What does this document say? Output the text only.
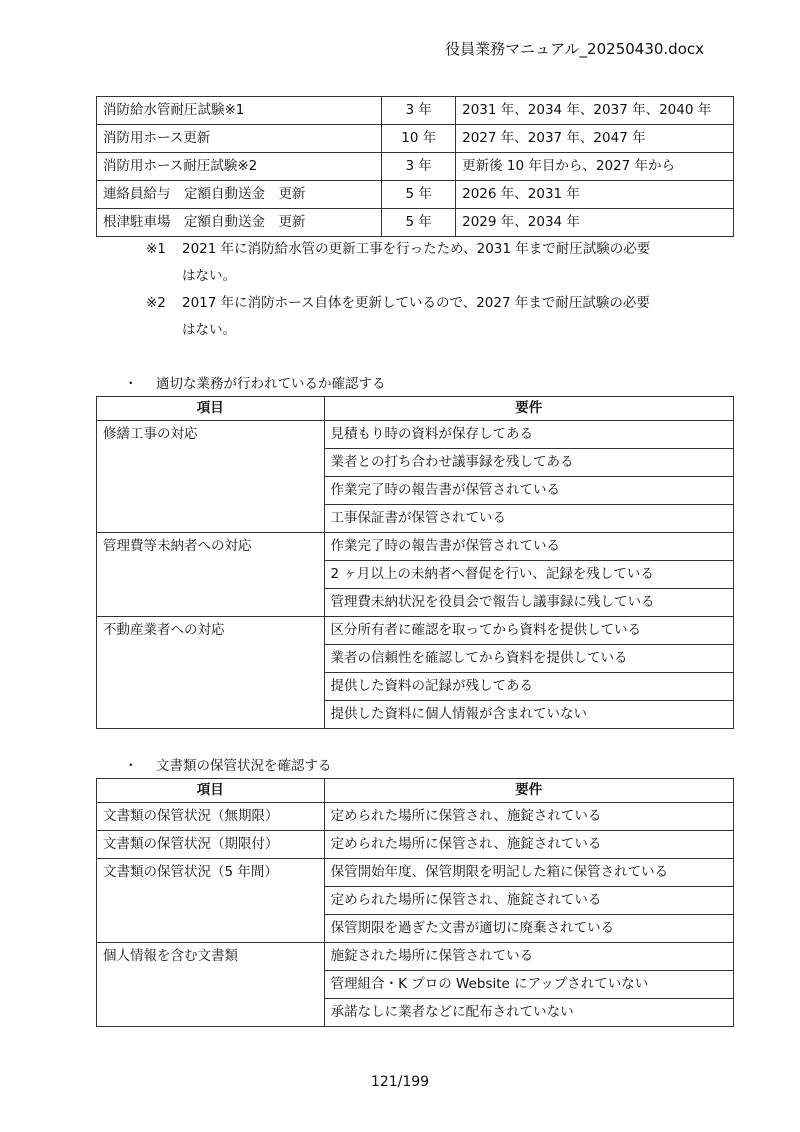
役員業務マニュアル_20250430.docx
消防給水管耐圧試験※1	3 年	2031 年、2034 年、2037 年、2040 年
消防用ホース更新	10 年	2027 年、2037 年、2047 年
消防用ホース耐圧試験※2	3 年	更新後 10 年目から、2027 年から
連絡員給与　定額自動送金　更新	5 年	2026 年、2031 年
根津駐車場　定額自動送金　更新	5 年	2029 年、2034 年
※1	2021 年に消防給水管の更新工事を行ったため、2031 年まで耐圧試験の必要
はない。
※2	2017 年に消防ホース自体を更新しているので、2027 年まで耐圧試験の必要
はない。
・ 適切な業務が行われているか確認する
項目	要件
修繕工事の対応	見積もり時の資料が保存してある
	業者との打ち合わせ議事録を残してある
	作業完了時の報告書が保管されている
	工事保証書が保管されている
管理費等未納者への対応	作業完了時の報告書が保管されている
	2 ヶ月以上の未納者へ督促を行い、記録を残している
	管理費未納状況を役員会で報告し議事録に残している
不動産業者への対応	区分所有者に確認を取ってから資料を提供している
	業者の信頼性を確認してから資料を提供している
	提供した資料の記録が残してある
	提供した資料に個人情報が含まれていない
・ 文書類の保管状況を確認する
項目	要件
文書類の保管状況（無期限）	定められた場所に保管され、施錠されている
文書類の保管状況（期限付）	定められた場所に保管され、施錠されている
文書類の保管状況（5 年間）	保管開始年度、保管期限を明記した箱に保管されている
	定められた場所に保管され、施錠されている
	保管期限を過ぎた文書が適切に廃棄されている
個人情報を含む文書類	施錠された場所に保管されている
	管理組合・K プロの Website にアップされていない
	承諾なしに業者などに配布されていない
121/199
